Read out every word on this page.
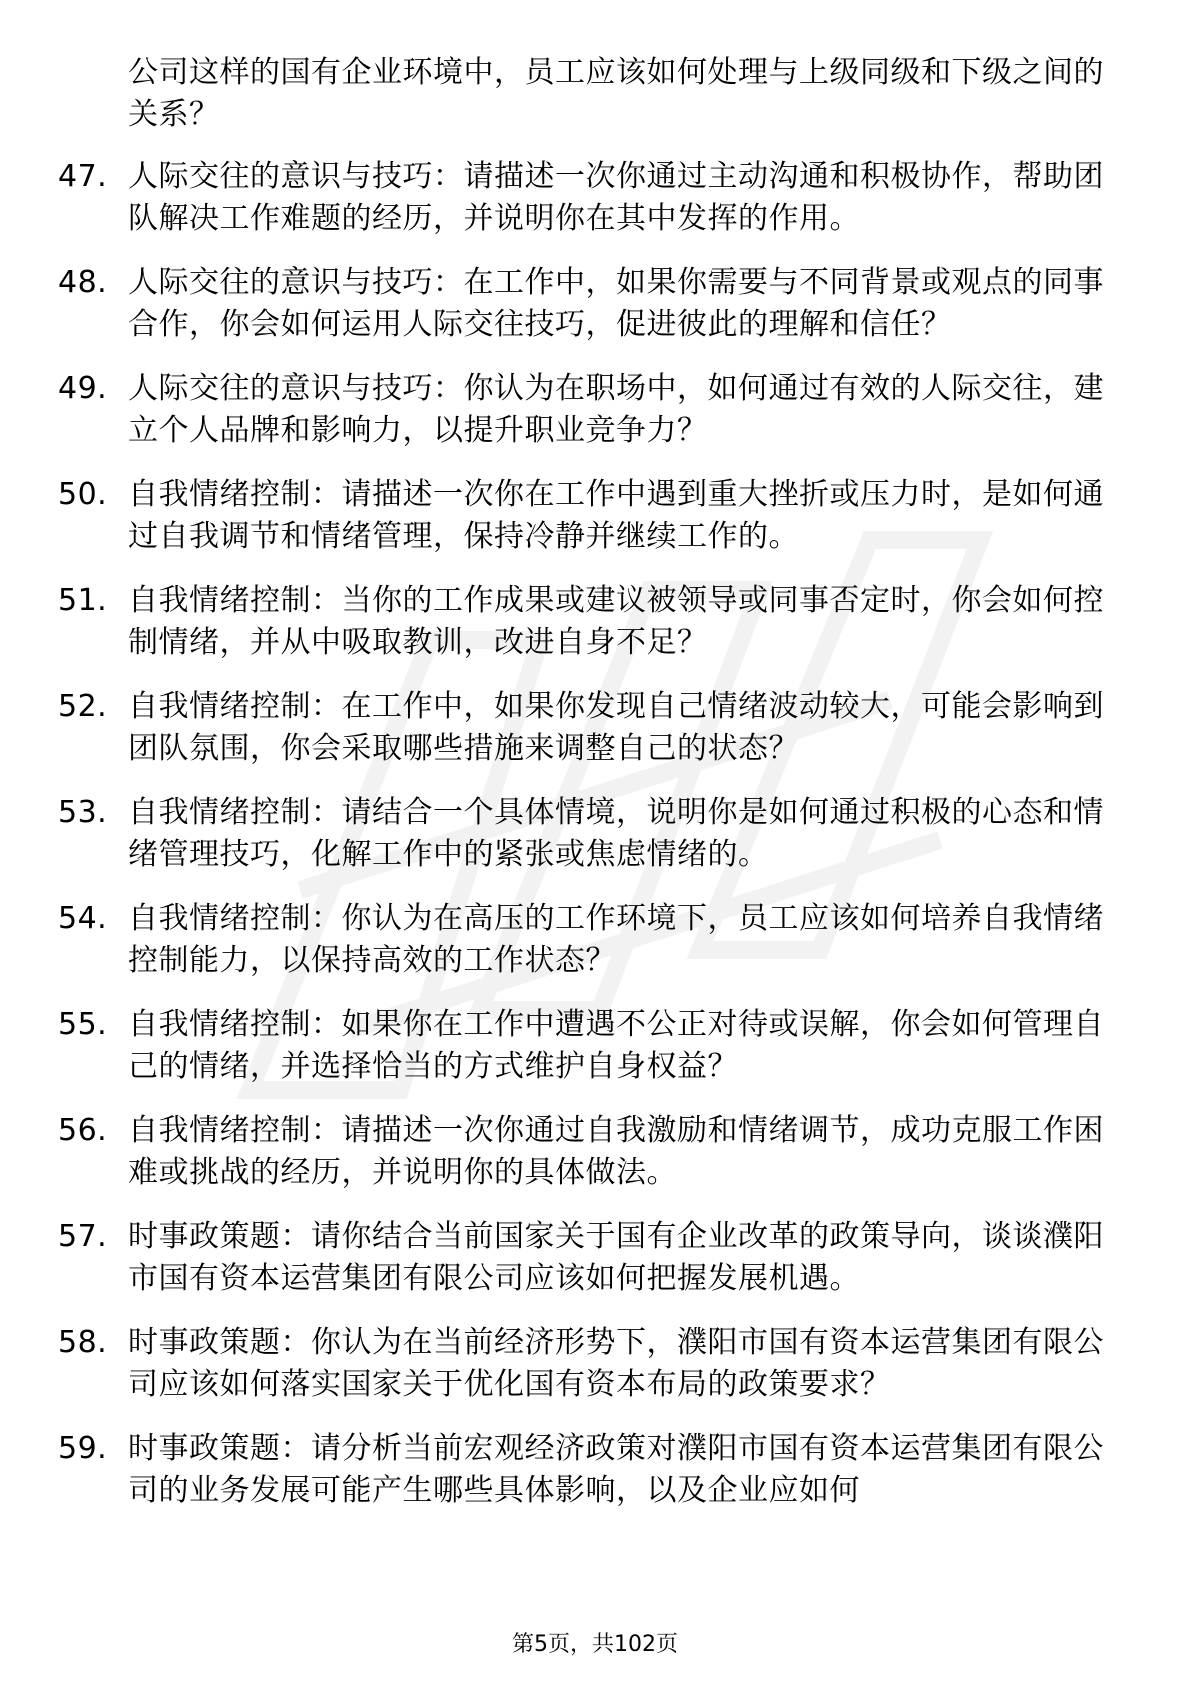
公司这样的国有企业环境中，员工应该如何处理与上级同级和下级之间的关系？
47. 人际交往的意识与技巧：请描述一次你通过主动沟通和积极协作，帮助团队解决工作难题的经历，并说明你在其中发挥的作用。
48. 人际交往的意识与技巧：在工作中，如果你需要与不同背景或观点的同事合作，你会如何运用人际交往技巧，促进彼此的理解和信任？
49. 人际交往的意识与技巧：你认为在职场中，如何通过有效的人际交往，建立个人品牌和影响力，以提升职业竞争力？
50. 自我情绪控制：请描述一次你在工作中遇到重大挫折或压力时，是如何通过自我调节和情绪管理，保持冷静并继续工作的。
51. 自我情绪控制：当你的工作成果或建议被领导或同事否定时，你会如何控制情绪，并从中吸取教训，改进自身不足？
52. 自我情绪控制：在工作中，如果你发现自己情绪波动较大，可能会影响到团队氛围，你会采取哪些措施来调整自己的状态？
53. 自我情绪控制：请结合一个具体情境，说明你是如何通过积极的心态和情绪管理技巧，化解工作中的紧张或焦虑情绪的。
54. 自我情绪控制：你认为在高压的工作环境下，员工应该如何培养自我情绪控制能力，以保持高效的工作状态？
55. 自我情绪控制：如果你在工作中遭遇不公正对待或误解，你会如何管理自己的情绪，并选择恰当的方式维护自身权益？
56. 自我情绪控制：请描述一次你通过自我激励和情绪调节，成功克服工作困难或挑战的经历，并说明你的具体做法。
57. 时事政策题：请你结合当前国家关于国有企业改革的政策导向，谈谈濮阳市国有资本运营集团有限公司应该如何把握发展机遇。
58. 时事政策题：你认为在当前经济形势下，濮阳市国有资本运营集团有限公司应该如何落实国家关于优化国有资本布局的政策要求？
59. 时事政策题：请分析当前宏观经济政策对濮阳市国有资本运营集团有限公司的业务发展可能产生哪些具体影响，以及企业应如何
第5页，共102页
